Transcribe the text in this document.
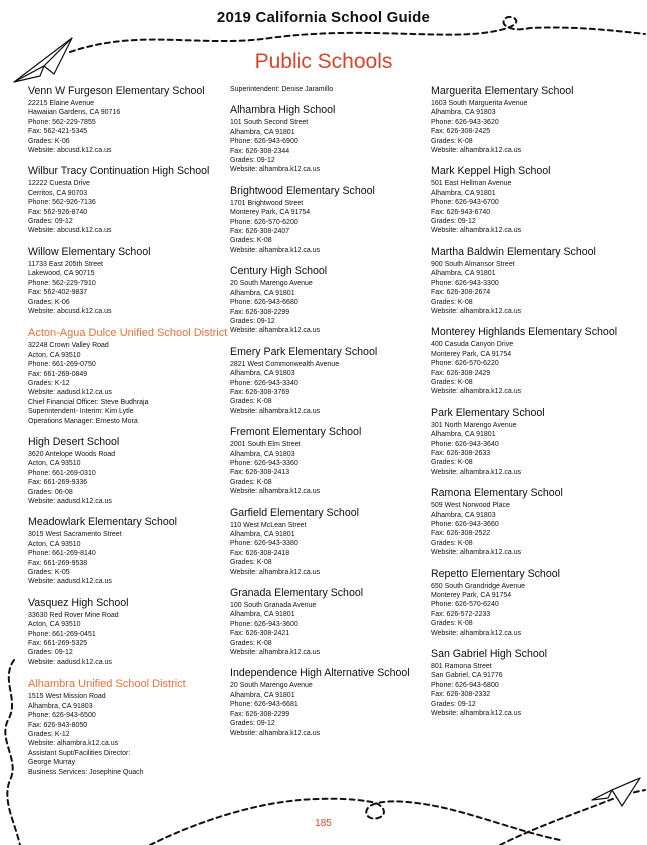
2019 California School Guide
Public Schools
Venn W Furgeson Elementary School
22215 Elaine Avenue
Hawaiian Gardens, CA 90716
Phone: 562-229-7855
Fax: 562-421-5345
Grades: K-06
Website: abcusd.k12.ca.us
Wilbur Tracy Continuation High School
12222 Cuesta Drive
Cerritos, CA 90703
Phone: 562-926-7136
Fax: 562-926-8740
Grades: 09-12
Website: abcusd.k12.ca.us
Willow Elementary School
11733 East 205th Street
Lakewood, CA 90715
Phone: 562-229-7910
Fax: 562-402-9837
Grades: K-06
Website: abcusd.k12.ca.us
Acton-Agua Dulce Unified School District
32248 Crown Valley Road
Acton, CA 93510
Phone: 661-269-0750
Fax: 661-269-0849
Grades: K-12
Website: aadusd.k12.ca.us
Chief Financial Officer: Steve Budhraja
Superintendent- Interim: Kim Lytle
Operations Manager: Ernesto Mora
High Desert School
3620 Antelope Woods Road
Acton, CA 93510
Phone: 661-269-0310
Fax: 661-269-9336
Grades: 06-08
Website: aadusd.k12.ca.us
Meadowlark Elementary School
3015 West Sacramento Street
Acton, CA 93510
Phone: 661-269-8140
Fax: 661-269-9538
Grades: K-05
Website: aadusd.k12.ca.us
Vasquez High School
33630 Red Rover Mine Road
Acton, CA 93510
Phone: 661-269-0451
Fax: 661-269-5325
Grades: 09-12
Website: aadusd.k12.ca.us
Alhambra Unified School District
1515 West Mission Road
Alhambra, CA 91803
Phone: 626-943-6500
Fax: 626-943-8050
Grades: K-12
Website: alhambra.k12.ca.us
Assistant Supt/Facilities Director:
George Murray
Business Services: Josephine Quach
Superintendent: Denise Jaramillo
Alhambra High School
101 South Second Street
Alhambra, CA 91801
Phone: 626-943-6900
Fax: 626-308-2344
Grades: 09-12
Website: alhambra.k12.ca.us
Brightwood Elementary School
1701 Brightwood Street
Monterey Park, CA 91754
Phone: 626-570-6200
Fax: 626-308-2407
Grades: K-08
Website: alhambra.k12.ca.us
Century High School
20 South Marengo Avenue
Alhambra, CA 91801
Phone: 626-943-6680
Fax: 626-308-2299
Grades: 09-12
Website: alhambra.k12.ca.us
Emery Park Elementary School
2821 West Commonwealth Avenue
Alhambra, CA 91803
Phone: 626-943-3340
Fax: 626-308-3769
Grades: K-08
Website: alhambra.k12.ca.us
Fremont Elementary School
2001 South Elm Street
Alhambra, CA 91803
Phone: 626-943-3360
Fax: 626-308-2413
Grades: K-08
Website: alhambra.k12.ca.us
Garfield Elementary School
110 West McLean Street
Alhambra, CA 91801
Phone: 626-943-3380
Fax: 626-308-2418
Grades: K-08
Website: alhambra.k12.ca.us
Granada Elementary School
100 South Granada Avenue
Alhambra, CA 91801
Phone: 626-943-3600
Fax: 626-308-2421
Grades: K-08
Website: alhambra.k12.ca.us
Independence High Alternative School
20 South Marengo Avenue
Alhambra, CA 91801
Phone: 626-943-6681
Fax: 626-308-2299
Grades: 09-12
Website: alhambra.k12.ca.us
Marguerita Elementary School
1603 South Marguerita Avenue
Alhambra, CA 91803
Phone: 626-943-3620
Fax: 626-308-2425
Grades: K-08
Website: alhambra.k12.ca.us
Mark Keppel High School
501 East Hellman Avenue
Alhambra, CA 91801
Phone: 626-943-6700
Fax: 626-943-6740
Grades: 09-12
Website: alhambra.k12.ca.us
Martha Baldwin Elementary School
900 South Almansor Street
Alhambra, CA 91801
Phone: 626-943-3300
Fax: 626-308-2674
Grades: K-08
Website: alhambra.k12.ca.us
Monterey Highlands Elementary School
400 Casuda Canyon Drive
Monterey Park, CA 91754
Phone: 626-570-6220
Fax: 626-308-2429
Grades: K-08
Website: alhambra.k12.ca.us
Park Elementary School
301 North Marengo Avenue
Alhambra, CA 91801
Phone: 626-943-3640
Fax: 626-308-2633
Grades: K-08
Website: alhambra.k12.ca.us
Ramona Elementary School
509 West Norwood Place
Alhambra, CA 91803
Phone: 626-943-3660
Fax: 626-308-2522
Grades: K-08
Website: alhambra.k12.ca.us
Repetto Elementary School
650 South Grandridge Avenue
Monterey Park, CA 91754
Phone: 626-570-6240
Fax: 626-572-2233
Grades: K-08
Website: alhambra.k12.ca.us
San Gabriel High School
801 Ramona Street
San Gabriel, CA 91776
Phone: 626-943-6800
Fax: 626-308-2332
Grades: 09-12
Website: alhambra.k12.ca.us
185
